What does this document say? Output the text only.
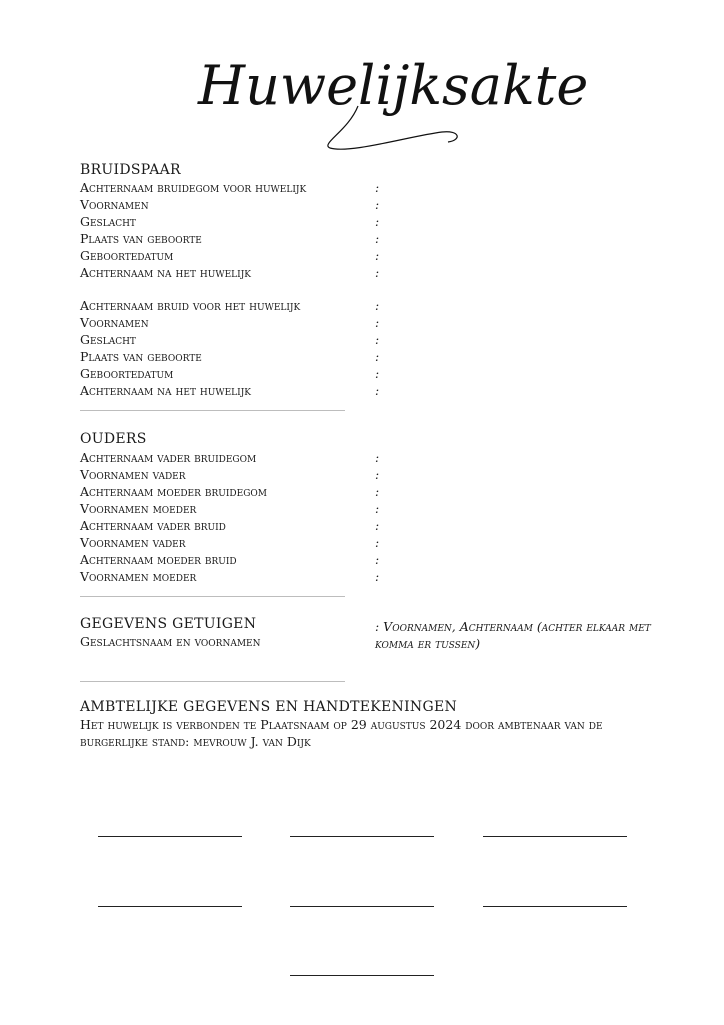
Huwelijksakte
BRUIDSPAAR
Achternaam bruidegom voor huwelijk	:
Voornamen	:
Geslacht	:
Plaats van geboorte	:
Geboortedatum	:
Achternaam na het huwelijk	:
Achternaam bruid voor het huwelijk	:
Voornamen	:
Geslacht	:
Plaats van geboorte	:
Geboortedatum	:
Achternaam na het huwelijk	:
OUDERS
Achternaam vader bruidegom	:
Voornamen vader	:
Achternaam moeder bruidegom	:
Voornamen moeder	:
Achternaam vader bruid	:
Voornamen vader	:
Achternaam moeder bruid	:
Voornamen moeder	:
GEGEVENS GETUIGEN
Geslachtsnaam en voornamen
: Voornamen, Achternaam (achter elkaar met komma er tussen)
AMBTELIJKE GEGEVENS EN HANDTEKENINGEN
Het huwelijk is verbonden te Plaatsnaam op 29 augustus 2024 door ambtenaar van de burgerlijke stand: mevrouw J. van Dijk
